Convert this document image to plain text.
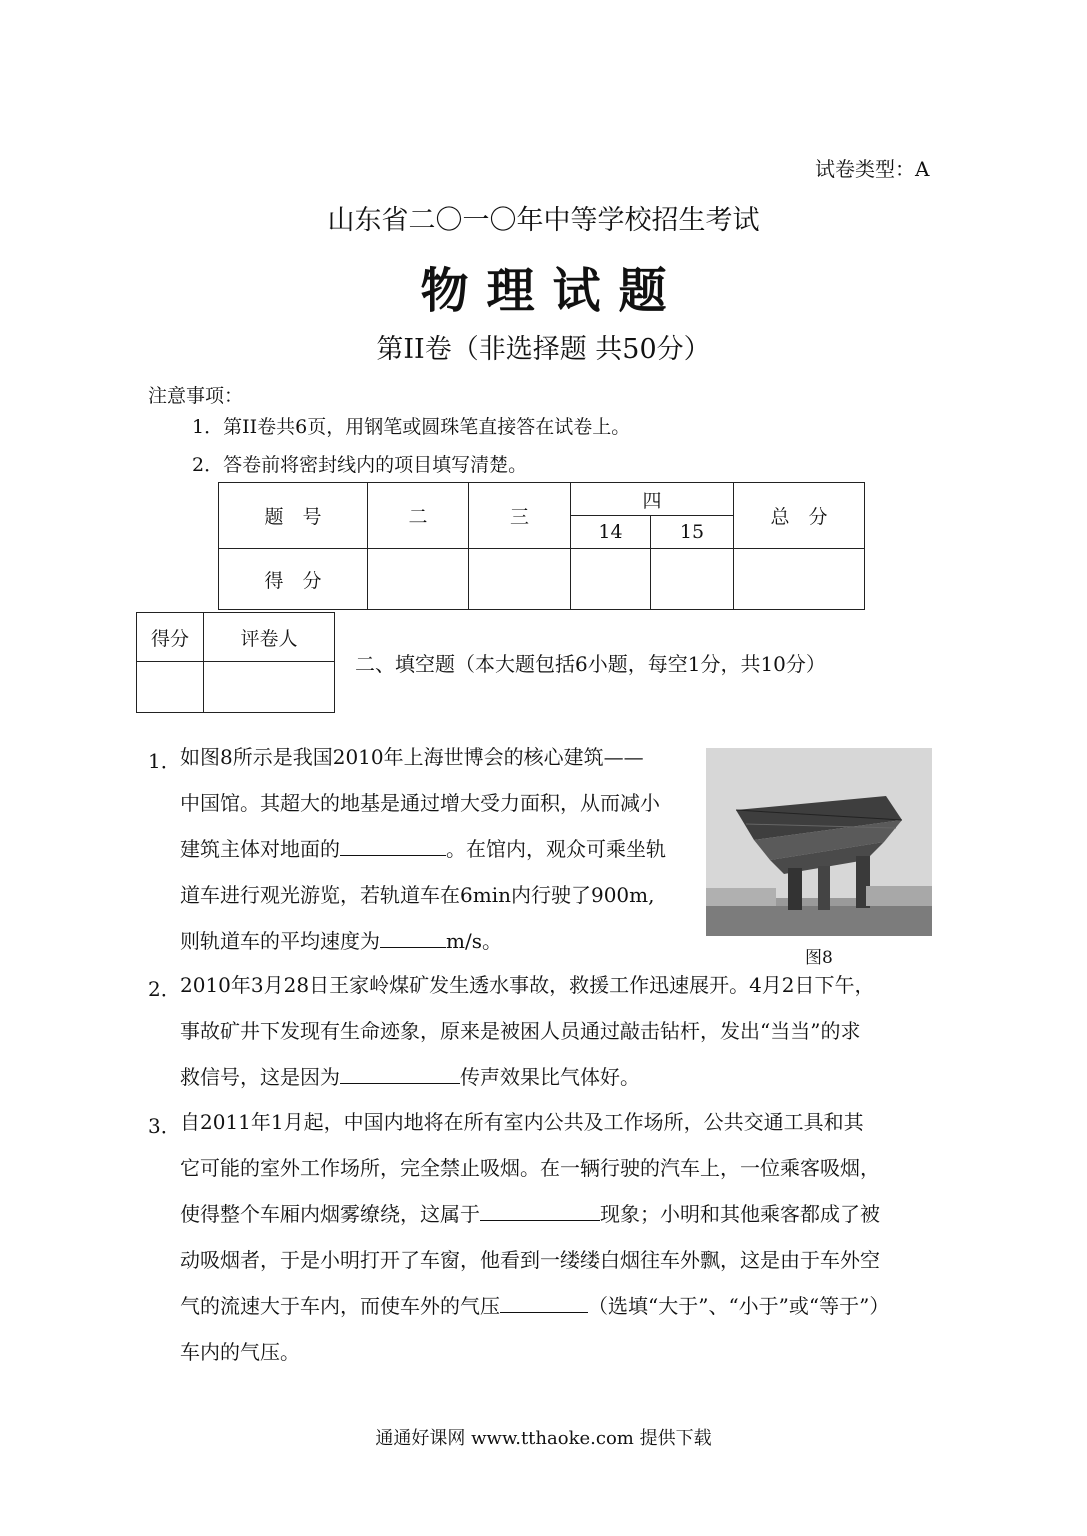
试卷类型：A
山东省二〇一〇年中等学校招生考试
物理试题
第II卷（非选择题 共50分）
注意事项：
1．第II卷共6页，用钢笔或圆珠笔直接答在试卷上。
2．答卷前将密封线内的项目填写清楚。
题　号	二	三	四		总　分
			14	15	
得　分					
得分	评卷人

二、填空题（本大题包括6小题，每空1分，共10分）
1． 如图8所示是我国2010年上海世博会的核心建筑——
中国馆。其超大的地基是通过增大受力面积，从而减小
建筑主体对地面的	。在馆内，观众可乘坐轨
道车进行观光游览，若轨道车在6min内行驶了900m,
则轨道车的平均速度为	m/s。
图8
2． 2010年3月28日王家岭煤矿发生透水事故，救援工作迅速展开。4月2日下午，
事故矿井下发现有生命迹象，原来是被困人员通过敲击钻杆，发出“当当”的求
救信号，这是因为	传声效果比气体好。
3． 自2011年1月起，中国内地将在所有室内公共及工作场所，公共交通工具和其
它可能的室外工作场所，完全禁止吸烟。在一辆行驶的汽车上，一位乘客吸烟，
使得整个车厢内烟雾缭绕，这属于	现象；小明和其他乘客都成了被
动吸烟者，于是小明打开了车窗，他看到一缕缕白烟往车外飘，这是由于车外空
气的流速大于车内，而使车外的气压	（选填“大于”、“小于”或“等于”）
车内的气压。
通通好课网 www.tthaoke.com 提供下载
